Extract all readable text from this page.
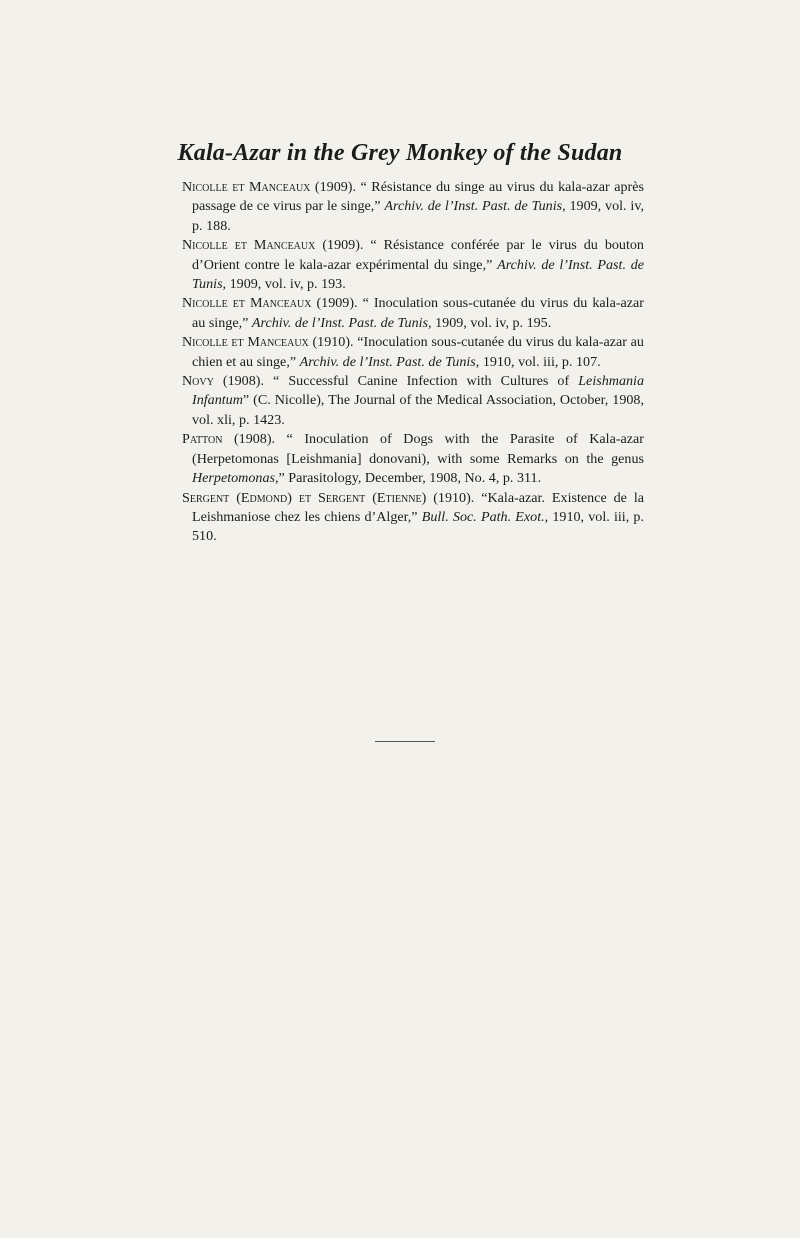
Kala-Azar in the Grey Monkey of the Sudan

Nicolle et Manceaux (1909). “ Résistance du singe au virus du kala-azar après passage de ce virus par le singe,” Archiv. de l’Inst. Past. de Tunis, 1909, vol. iv, p. 188.

Nicolle et Manceaux (1909). “ Résistance conférée par le virus du bouton d’Orient contre le kala-azar expérimental du singe,” Archiv. de l’Inst. Past. de Tunis, 1909, vol. iv, p. 193.

Nicolle et Manceaux (1909). “ Inoculation sous-cutanée du virus du kala-azar au singe,” Archiv. de l’Inst. Past. de Tunis, 1909, vol. iv, p. 195.

Nicolle et Manceaux (1910). “Inoculation sous-cutanée du virus du kala-azar au chien et au singe,” Archiv. de l’Inst. Past. de Tunis, 1910, vol. iii, p. 107.

Novy (1908). “ Successful Canine Infection with Cultures of Leishmania Infantum” (C. Nicolle), The Journal of the Medical Association, October, 1908, vol. xli, p. 1423.

Patton (1908). “ Inoculation of Dogs with the Parasite of Kala-azar (Herpetomonas [Leishmania] donovani), with some Remarks on the genus Herpetomonas,” Parasitology, December, 1908, No. 4, p. 311.

Sergent (Edmond) et Sergent (Etienne) (1910). “Kala-azar. Existence de la Leishmaniose chez les chiens d’Alger,” Bull. Soc. Path. Exot., 1910, vol. iii, p. 510.
